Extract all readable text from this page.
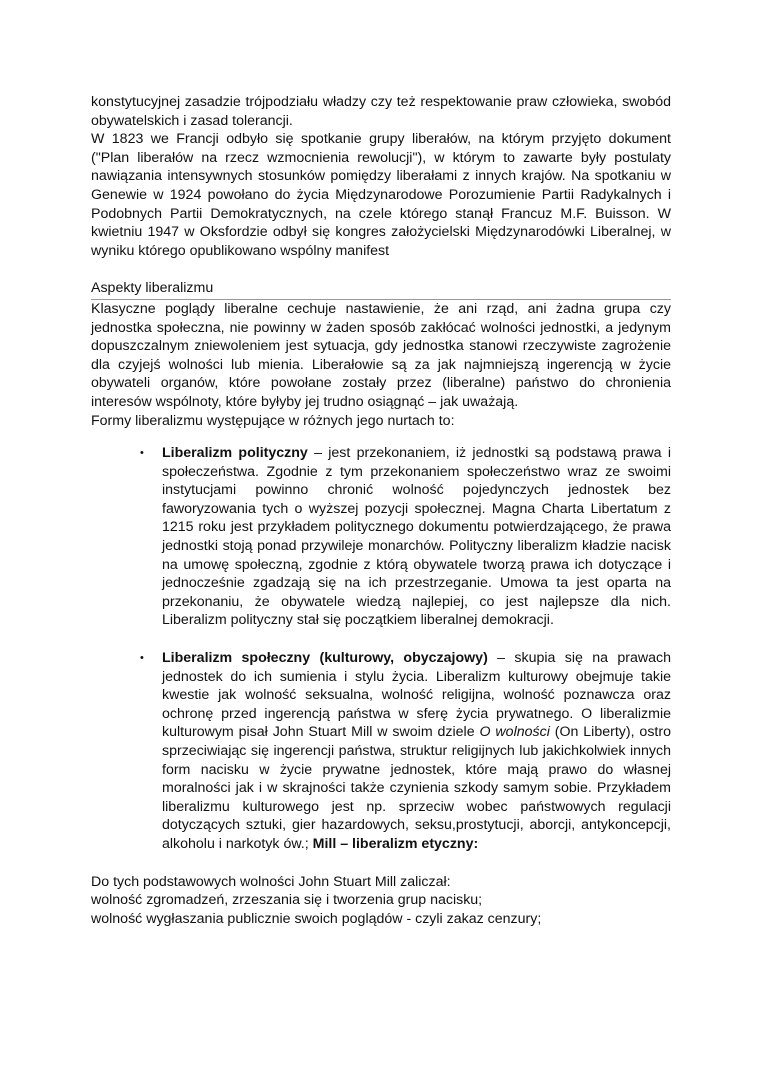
konstytucyjnej zasadzie trójpodziału władzy czy też respektowanie praw człowieka, swobód obywatelskich i zasad tolerancji.

W 1823 we Francji odbyło się spotkanie grupy liberałów, na którym przyjęto dokument ("Plan liberałów na rzecz wzmocnienia rewolucji"), w którym to zawarte były postulaty nawiązania intensywnych stosunków pomiędzy liberałami z innych krajów. Na spotkaniu w Genewie w 1924 powołano do życia Międzynarodowe Porozumienie Partii Radykalnych i Podobnych Partii Demokratycznych, na czele którego stanął Francuz M.F. Buisson. W kwietniu 1947 w Oksfordzie odbył się kongres założycielski Międzynarodówki Liberalnej, w wyniku którego opublikowano wspólny manifest

Aspekty liberalizmu

Klasyczne poglądy liberalne cechuje nastawienie, że ani rząd, ani żadna grupa czy jednostka społeczna, nie powinny w żaden sposób zakłócać wolności jednostki, a jedynym dopuszczalnym zniewoleniem jest sytuacja, gdy jednostka stanowi rzeczywiste zagrożenie dla czyjejś wolności lub mienia. Liberałowie są za jak najmniejszą ingerencją w życie obywateli organów, które powołane zostały przez (liberalne) państwo do chronienia interesów wspólnoty, które byłyby jej trudno osiągnąć – jak uważają.

Formy liberalizmu występujące w różnych jego nurtach to:

• Liberalizm polityczny – jest przekonaniem, iż jednostki są podstawą prawa i społeczeństwa. Zgodnie z tym przekonaniem społeczeństwo wraz ze swoimi instytucjami powinno chronić wolność pojedynczych jednostek bez faworyzowania tych o wyższej pozycji społecznej. Magna Charta Libertatum z 1215 roku jest przykładem politycznego dokumentu potwierdzającego, że prawa jednostki stoją ponad przywileje monarchów. Polityczny liberalizm kładzie nacisk na umowę społeczną, zgodnie z którą obywatele tworzą prawa ich dotyczące i jednocześnie zgadzają się na ich przestrzeganie. Umowa ta jest oparta na przekonaniu, że obywatele wiedzą najlepiej, co jest najlepsze dla nich. Liberalizm polityczny stał się początkiem liberalnej demokracji.
• Liberalizm społeczny (kulturowy, obyczajowy) – skupia się na prawach jednostek do ich sumienia i stylu życia. Liberalizm kulturowy obejmuje takie kwestie jak wolność seksualna, wolność religijna, wolność poznawcza oraz ochronę przed ingerencją państwa w sferę życia prywatnego. O liberalizmie kulturowym pisał John Stuart Mill w swoim dziele O wolności (On Liberty), ostro sprzeciwiając się ingerencji państwa, struktur religijnych lub jakichkolwiek innych form nacisku w życie prywatne jednostek, które mają prawo do własnej moralności jak i w skrajności także czynienia szkody samym sobie. Przykładem liberalizmu kulturowego jest np. sprzeciw wobec państwowych regulacji dotyczących sztuki, gier hazardowych, seksu,prostytucji, aborcji, antykoncepcji, alkoholu i narkotyk ów.; Mill – liberalizm etyczny:

Do tych podstawowych wolności John Stuart Mill zaliczał:

wolność zgromadzeń, zrzeszania się i tworzenia grup nacisku;

wolność wygłaszania publicznie swoich poglądów - czyli zakaz cenzury;
